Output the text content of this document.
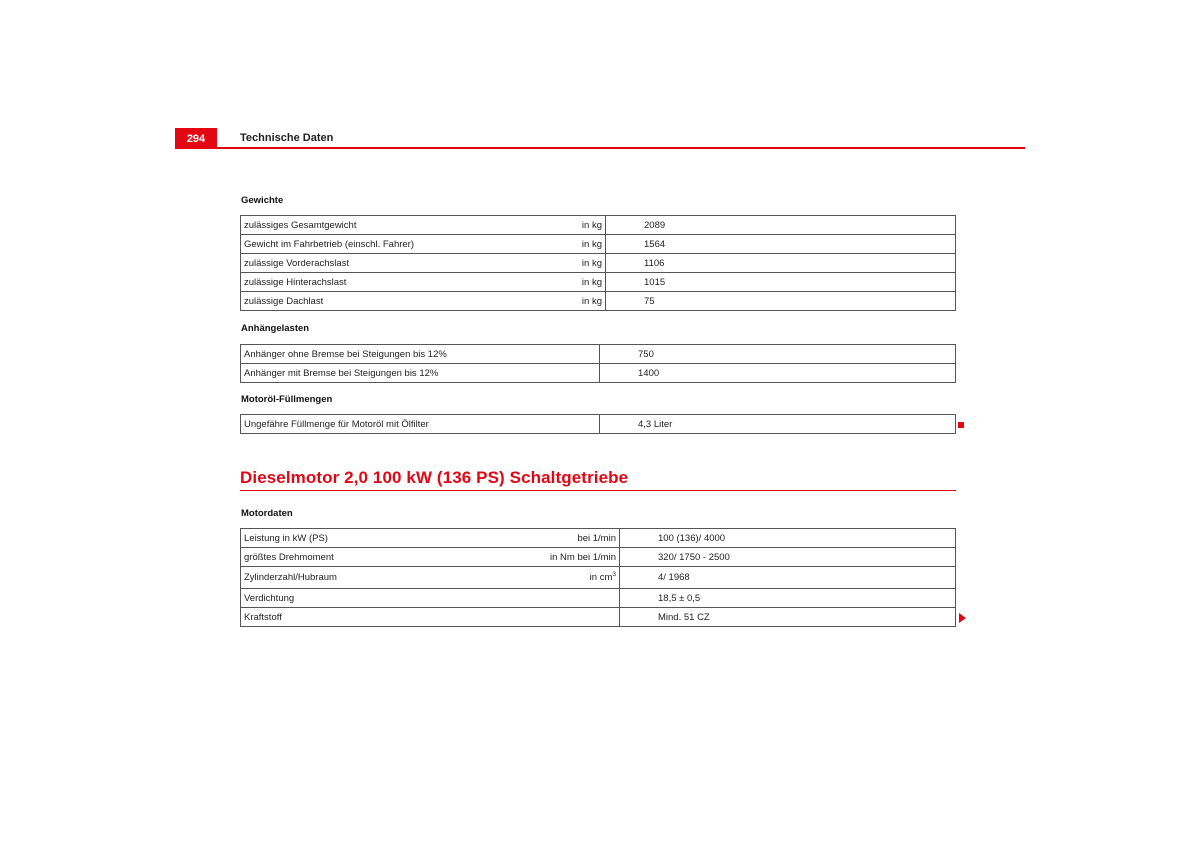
294	Technische Daten
Gewichte
zulässiges Gesamtgewicht	in kg	2089
Gewicht im Fahrbetrieb (einschl. Fahrer)	in kg	1564
zulässige Vorderachslast	in kg	1106
zulässige Hinterachslast	in kg	1015
zulässige Dachlast	in kg	75
Anhängelasten
Anhänger ohne Bremse bei Steigungen bis 12%	750
Anhänger mit Bremse bei Steigungen bis 12%	1400
Motoröl-Füllmengen
Ungefähre Füllmenge für Motoröl mit Ölfilter	4,3 Liter
Dieselmotor 2,0 100 kW (136 PS) Schaltgetriebe
Motordaten
Leistung in kW (PS)	bei 1/min	100 (136)/ 4000
größtes Drehmoment	in Nm bei 1/min	320/ 1750 - 2500
Zylinderzahl/Hubraum	in $cm^3$	4/ 1968
Verdichtung		18,5 ± 0,5
Kraftstoff		Mind. 51 CZ
